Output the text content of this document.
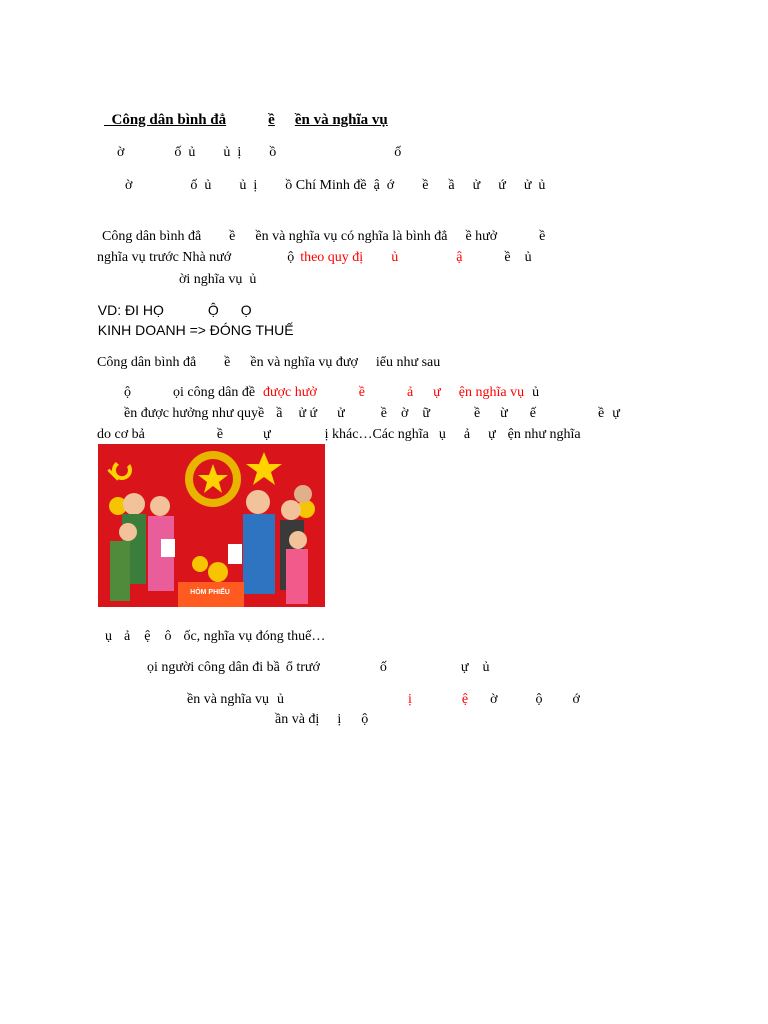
Công dân bình đẳ	ề ền và nghĩa vụ

ờ	ố  ủ ủ  ị ồ	ố

ờ	ố  ủ ủ  ị ồ Chí Minh đề  ậ  ớ ề ầ ử ứ ử  ủ

Công dân bình đẳ ề ền và nghĩa vụ có nghĩa là bình đẳ ề hưở	ề

nghĩa vụ trước Nhà nướ	ộ theo quy đị ủ	ậ	ề ủ

ời nghĩa vụ  ủ

VD: ĐI HỌ	Ộ Ọ

KINH DOANH => ĐÓNG THUẾ

Công dân bình đẳ ề ền và nghĩa vụ đượ iểu như sau

ộ	ọi công dân đề được hưở	ề	ả ự ện nghĩa vụ ủ

ền được hưởng như quyề ầ ử ứ ử	ề ờ ữ	ề ừ ế	ề ự

do cơ bả	ề	ự	ị khác…Các nghĩa ụ ả ự ện như nghĩa

HÒM PHIẾU

ụ ả ệ ô ốc, nghĩa vụ đóng thuế…

ọi người công dân đi bầ ổ trướ	ố	ự ủ

ền và nghĩa vụ ủ	ị	ệ ờ	ộ ớ

ần và đị ị ộ
